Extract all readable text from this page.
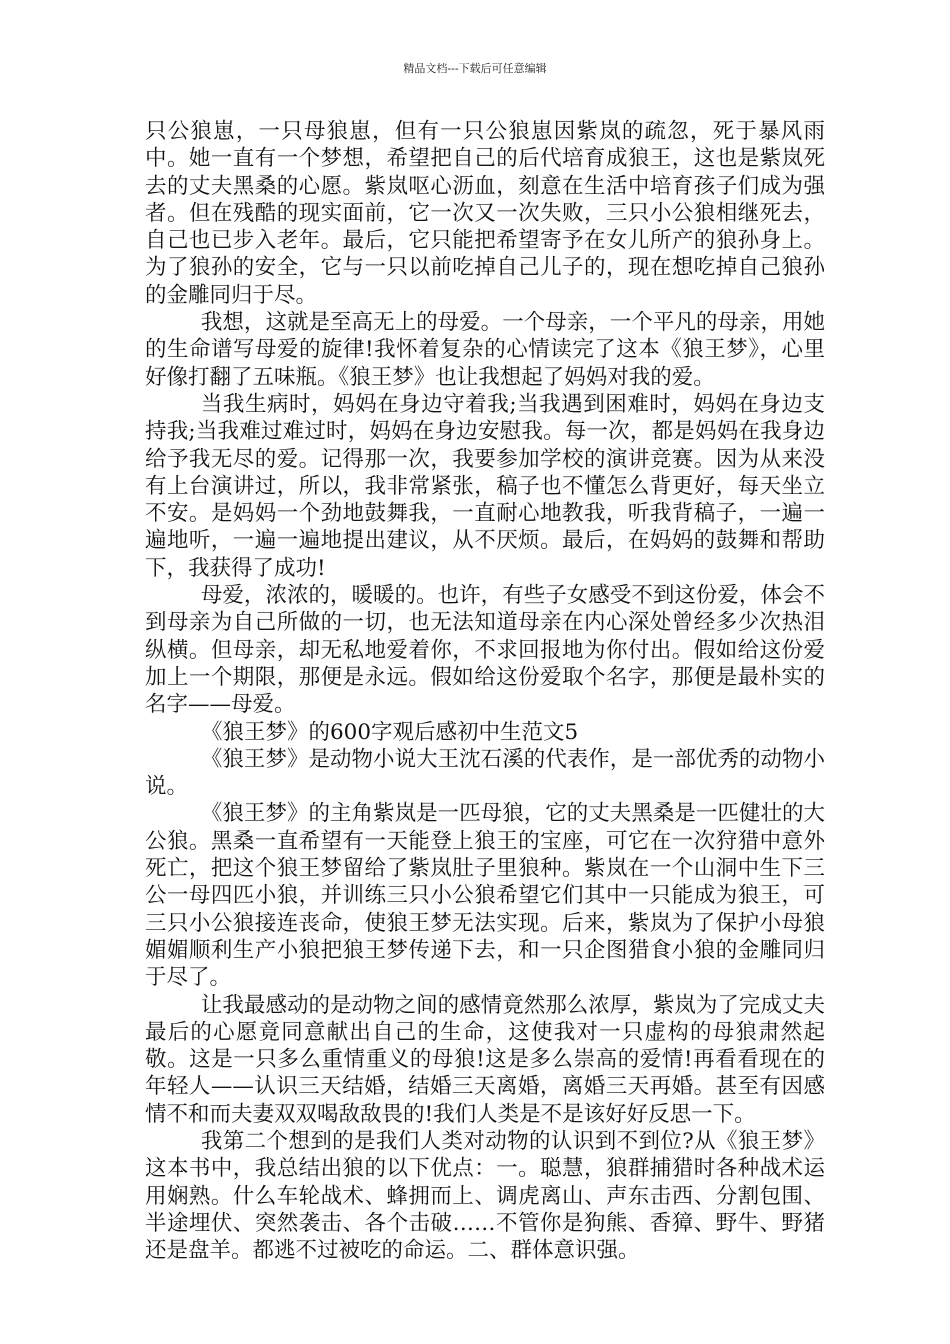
精品文档---下载后可任意编辑

只公狼崽，一只母狼崽，但有一只公狼崽因紫岚的疏忽，死于暴风雨中。她一直有一个梦想，希望把自己的后代培育成狼王，这也是紫岚死去的丈夫黑桑的心愿。紫岚呕心沥血，刻意在生活中培育孩子们成为强者。但在残酷的现实面前，它一次又一次失败，三只小公狼相继死去，自己也已步入老年。最后，它只能把希望寄予在女儿所产的狼孙身上。为了狼孙的安全，它与一只以前吃掉自己儿子的，现在想吃掉自己狼孙的金雕同归于尽。

我想，这就是至高无上的母爱。一个母亲，一个平凡的母亲，用她的生命谱写母爱的旋律!我怀着复杂的心情读完了这本《狼王梦》，心里好像打翻了五味瓶。《狼王梦》也让我想起了妈妈对我的爱。

当我生病时，妈妈在身边守着我;当我遇到困难时，妈妈在身边支持我;当我难过难过时，妈妈在身边安慰我。每一次，都是妈妈在我身边给予我无尽的爱。记得那一次，我要参加学校的演讲竞赛。因为从来没有上台演讲过，所以，我非常紧张，稿子也不懂怎么背更好，每天坐立不安。是妈妈一个劲地鼓舞我，一直耐心地教我，听我背稿子，一遍一遍地听，一遍一遍地提出建议，从不厌烦。最后，在妈妈的鼓舞和帮助下，我获得了成功!

母爱，浓浓的，暖暖的。也许，有些子女感受不到这份爱，体会不到母亲为自己所做的一切，也无法知道母亲在内心深处曾经多少次热泪纵横。但母亲，却无私地爱着你，不求回报地为你付出。假如给这份爱加上一个期限，那便是永远。假如给这份爱取个名字，那便是最朴实的名字——母爱。

《狼王梦》的600字观后感初中生范文5

《狼王梦》是动物小说大王沈石溪的代表作，是一部优秀的动物小说。

《狼王梦》的主角紫岚是一匹母狼，它的丈夫黑桑是一匹健壮的大公狼。黑桑一直希望有一天能登上狼王的宝座，可它在一次狩猎中意外死亡，把这个狼王梦留给了紫岚肚子里狼种。紫岚在一个山洞中生下三公一母四匹小狼，并训练三只小公狼希望它们其中一只能成为狼王，可三只小公狼接连丧命，使狼王梦无法实现。后来，紫岚为了保护小母狼媚媚顺利生产小狼把狼王梦传递下去，和一只企图猎食小狼的金雕同归于尽了。

让我最感动的是动物之间的感情竟然那么浓厚，紫岚为了完成丈夫最后的心愿竟同意献出自己的生命，这使我对一只虚构的母狼肃然起敬。这是一只多么重情重义的母狼!这是多么崇高的爱情!再看看现在的年轻人——认识三天结婚，结婚三天离婚，离婚三天再婚。甚至有因感情不和而夫妻双双喝敌敌畏的!我们人类是不是该好好反思一下。

我第二个想到的是我们人类对动物的认识到不到位?从《狼王梦》这本书中，我总结出狼的以下优点：一。聪慧，狼群捕猎时各种战术运用娴熟。什么车轮战术、蜂拥而上、调虎离山、声东击西、分割包围、半途埋伏、突然袭击、各个击破……不管你是狗熊、香獐、野牛、野猪还是盘羊。都逃不过被吃的命运。二、群体意识强。
